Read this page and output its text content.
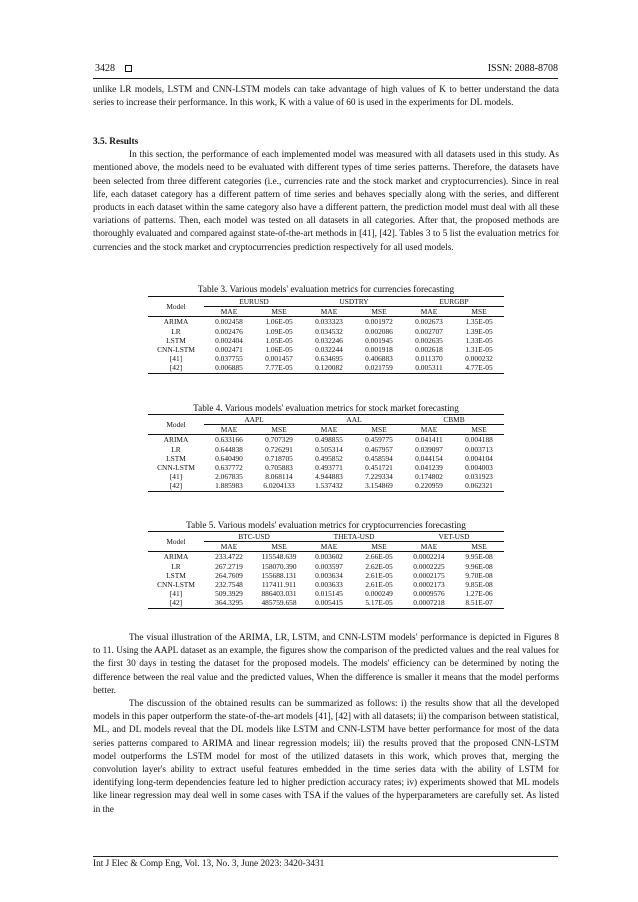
3428	ISSN: 2088-8708

unlike LR models, LSTM and CNN-LSTM models can take advantage of high values of K to better understand the data series to increase their performance. In this work, K with a value of 60 is used in the experiments for DL models.

3.5. Results

In this section, the performance of each implemented model was measured with all datasets used in this study. As mentioned above, the models need to be evaluated with different types of time series patterns. Therefore, the datasets have been selected from three different categories (i.e., currencies rate and the stock market and cryptocurrencies). Since in real life, each dataset category has a different pattern of time series and behaves specially along with the series, and different products in each dataset within the same category also have a different pattern, the prediction model must deal with all these variations of patterns. Then, each model was tested on all datasets in all categories. After that, the proposed methods are thoroughly evaluated and compared against state-of-the-art methods in [41], [42]. Tables 3 to 5 list the evaluation metrics for currencies and the stock market and cryptocurrencies prediction respectively for all used models.

Table 3. Various models' evaluation metrics for currencies forecasting
Model	EURUSD		USDTRY		EURGBP	
	MAE	MSE	MAE	MSE	MAE	MSE
ARIMA	0.002458	1.06E-05	0.033323	0.001972	0.002673	1.35E-05
LR	0.002476	1.09E-05	0.034532	0.002086	0.002707	1.39E-05
LSTM	0.002404	1.05E-05	0.032246	0.001945	0.002635	1.33E-05
CNN-LSTM	0.002471	1.06E-05	0.032244	0.001918	0.002618	1.31E-05
[41]	0.037755	0.001457	0.634695	0.406883	0.011370	0.000232
[42]	0.006885	7.77E-05	0.120082	0.021759	0.005311	4.77E-05
Table 4. Various models' evaluation metrics for stock market forecasting
Model	AAPL		AAL		CBMB	
	MAE	MSE	MAE	MSE	MAE	MSE
ARIMA	0.633166	0.707329	0.498855	0.459775	0.041411	0.004188
LR	0.644838	0.726291	0.505314	0.467957	0.039097	0.003713
LSTM	0.640490	0.718705	0.495852	0.458594	0.044154	0.004104
CNN-LSTM	0.637772	0.705883	0.493771	0.451721	0.041239	0.004003
[41]	2.067835	8.068114	4.944883	7.229334	0.174802	0.031923
[42]	1.885983	6.0204133	1.537432	3.154869	0.220959	0.062321
Table 5. Various models' evaluation metrics for cryptocurrencies forecasting
Model	BTC-USD		THETA-USD		VET-USD	
	MAE	MSE	MAE	MSE	MAE	MSE
ARIMA	233.4722	115548.639	0.003602	2.66E-05	0.0002214	9.95E-08
LR	267.2719	158070.390	0.003597	2.62E-05	0.0002225	9.96E-08
LSTM	264.7609	155688.131	0.003634	2.61E-05	0.0002175	9.70E-08
CNN-LSTM	232.7548	117411.911	0.003633	2.61E-05	0.0002173	9.85E-08
[41]	509.3929	886403.031	0.015145	0.000249	0.0009576	1.27E-06
[42]	364.3295	485759.658	0.005415	5.17E-05	0.0007218	8.51E-07

The visual illustration of the ARIMA, LR, LSTM, and CNN-LSTM models' performance is depicted in Figures 8 to 11. Using the AAPL dataset as an example, the figures show the comparison of the predicted values and the real values for the first 30 days in testing the dataset for the proposed models. The models' efficiency can be determined by noting the difference between the real value and the predicted values, When the difference is smaller it means that the model performs better.

The discussion of the obtained results can be summarized as follows: i) the results show that all the developed models in this paper outperform the state-of-the-art models [41], [42] with all datasets; ii) the comparison between statistical, ML, and DL models reveal that the DL models like LSTM and CNN-LSTM have better performance for most of the data series patterns compared to ARIMA and linear regression models; iii) the results proved that the proposed CNN-LSTM model outperforms the LSTM model for most of the utilized datasets in this work, which proves that, merging the convolution layer's ability to extract useful features embedded in the time series data with the ability of LSTM for identifying long-term dependencies feature led to higher prediction accuracy rates; iv) experiments showed that ML models like linear regression may deal well in some cases with TSA if the values of the hyperparameters are carefully set. As listed in the

Int J Elec & Comp Eng, Vol. 13, No. 3, June 2023: 3420-3431
